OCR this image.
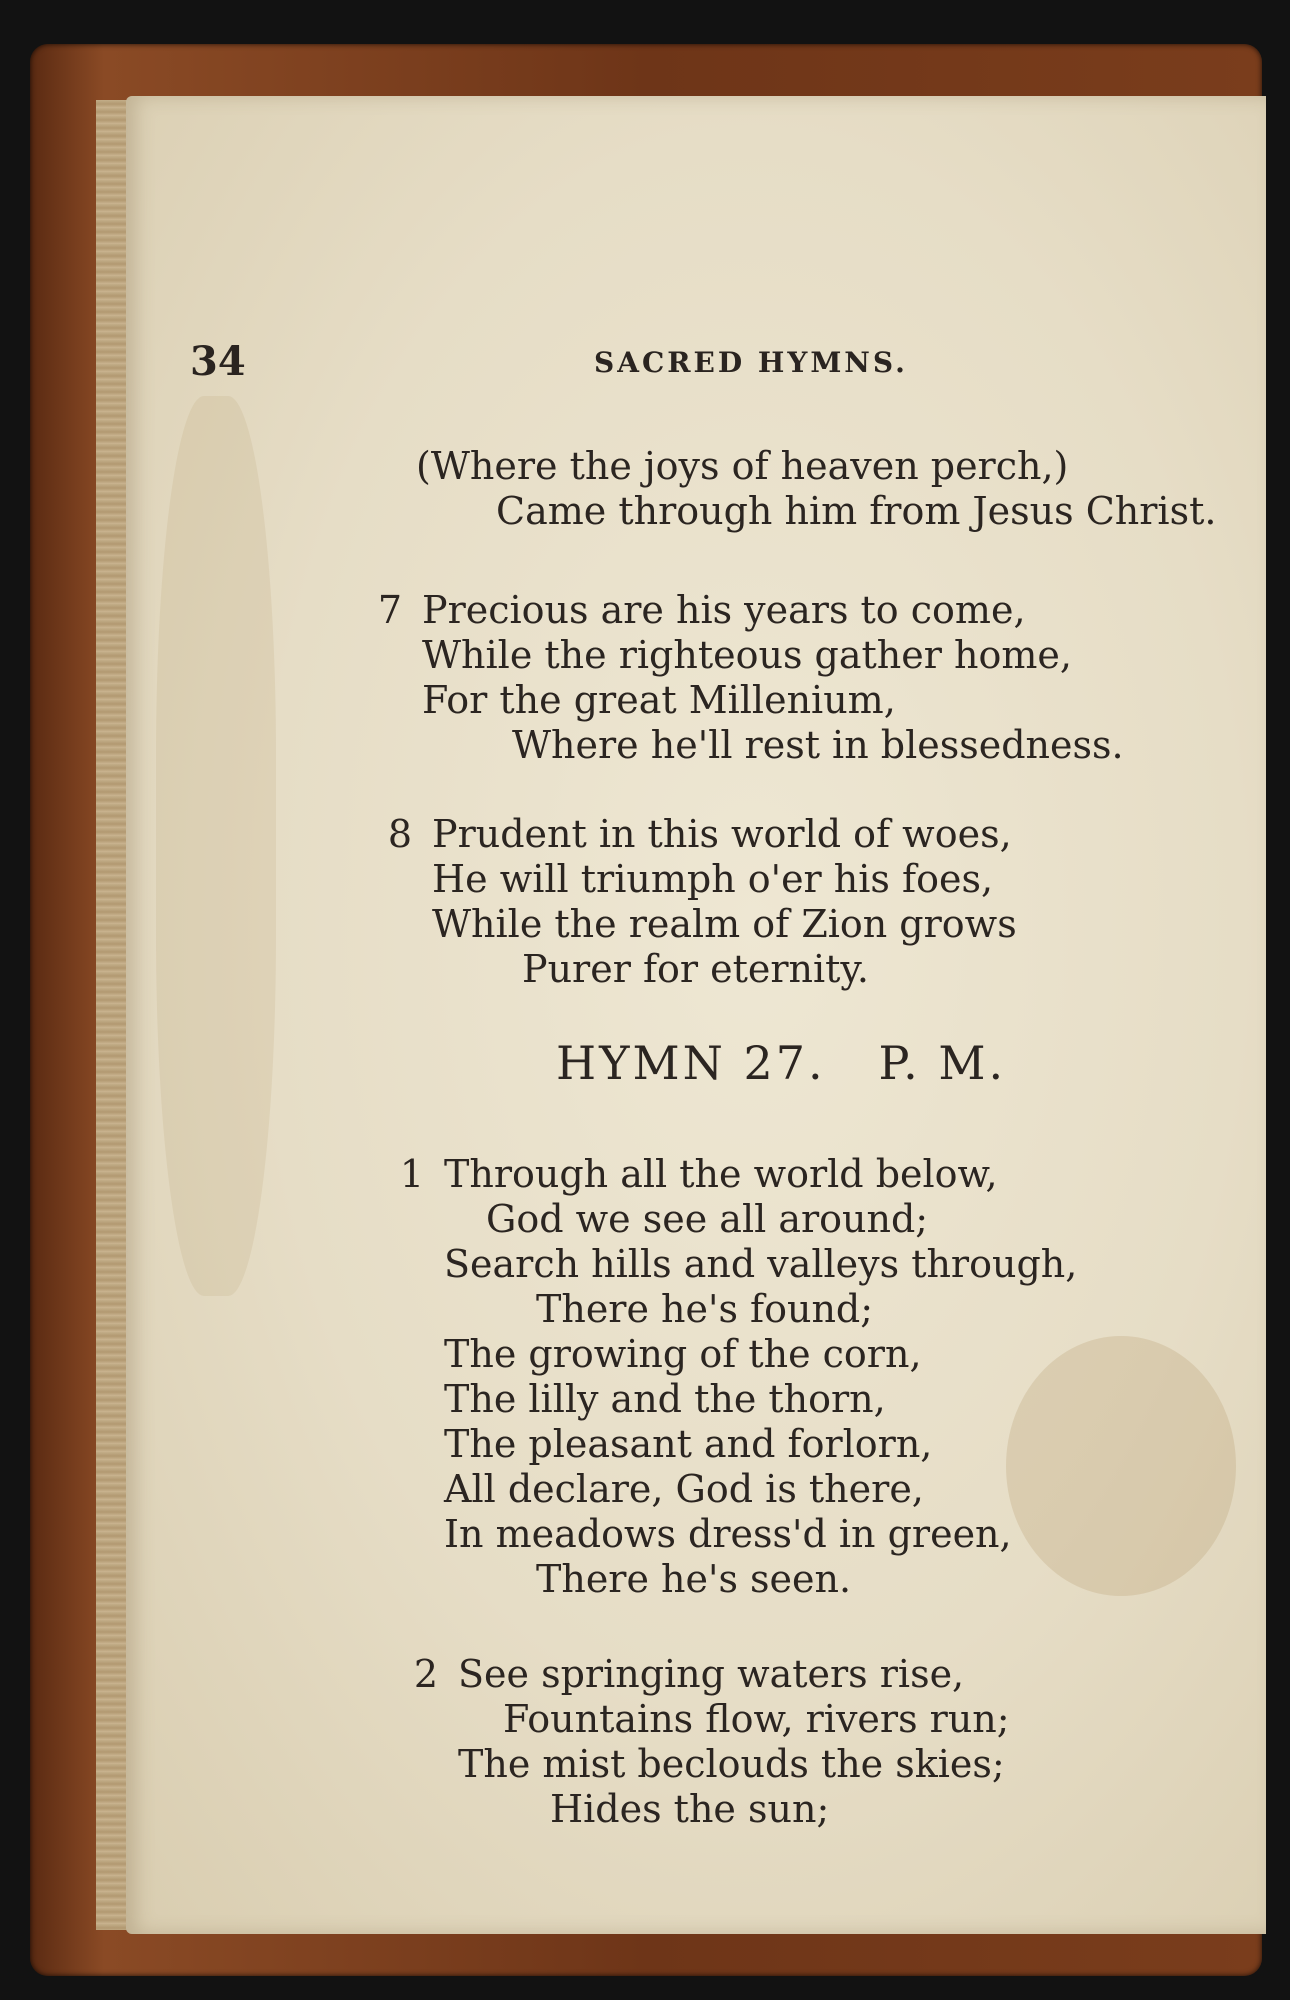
34	SACRED HYMNS.
(Where the joys of heaven perch,)
Came through him from Jesus Christ.
7 Precious are his years to come,
While the righteous gather home,
For the great Millenium,
Where he'll rest in blessedness.
8 Prudent in this world of woes,
He will triumph o'er his foes,
While the realm of Zion grows
Purer for eternity.
HYMN 27.   P. M.
1 Through all the world below,
God we see all around;
Search hills and valleys through,
There he's found;
The growing of the corn,
The lilly and the thorn,
The pleasant and forlorn,
All declare, God is there,
In meadows dress'd in green,
There he's seen.
2 See springing waters rise,
Fountains flow, rivers run;
The mist beclouds the skies;
Hides the sun;
